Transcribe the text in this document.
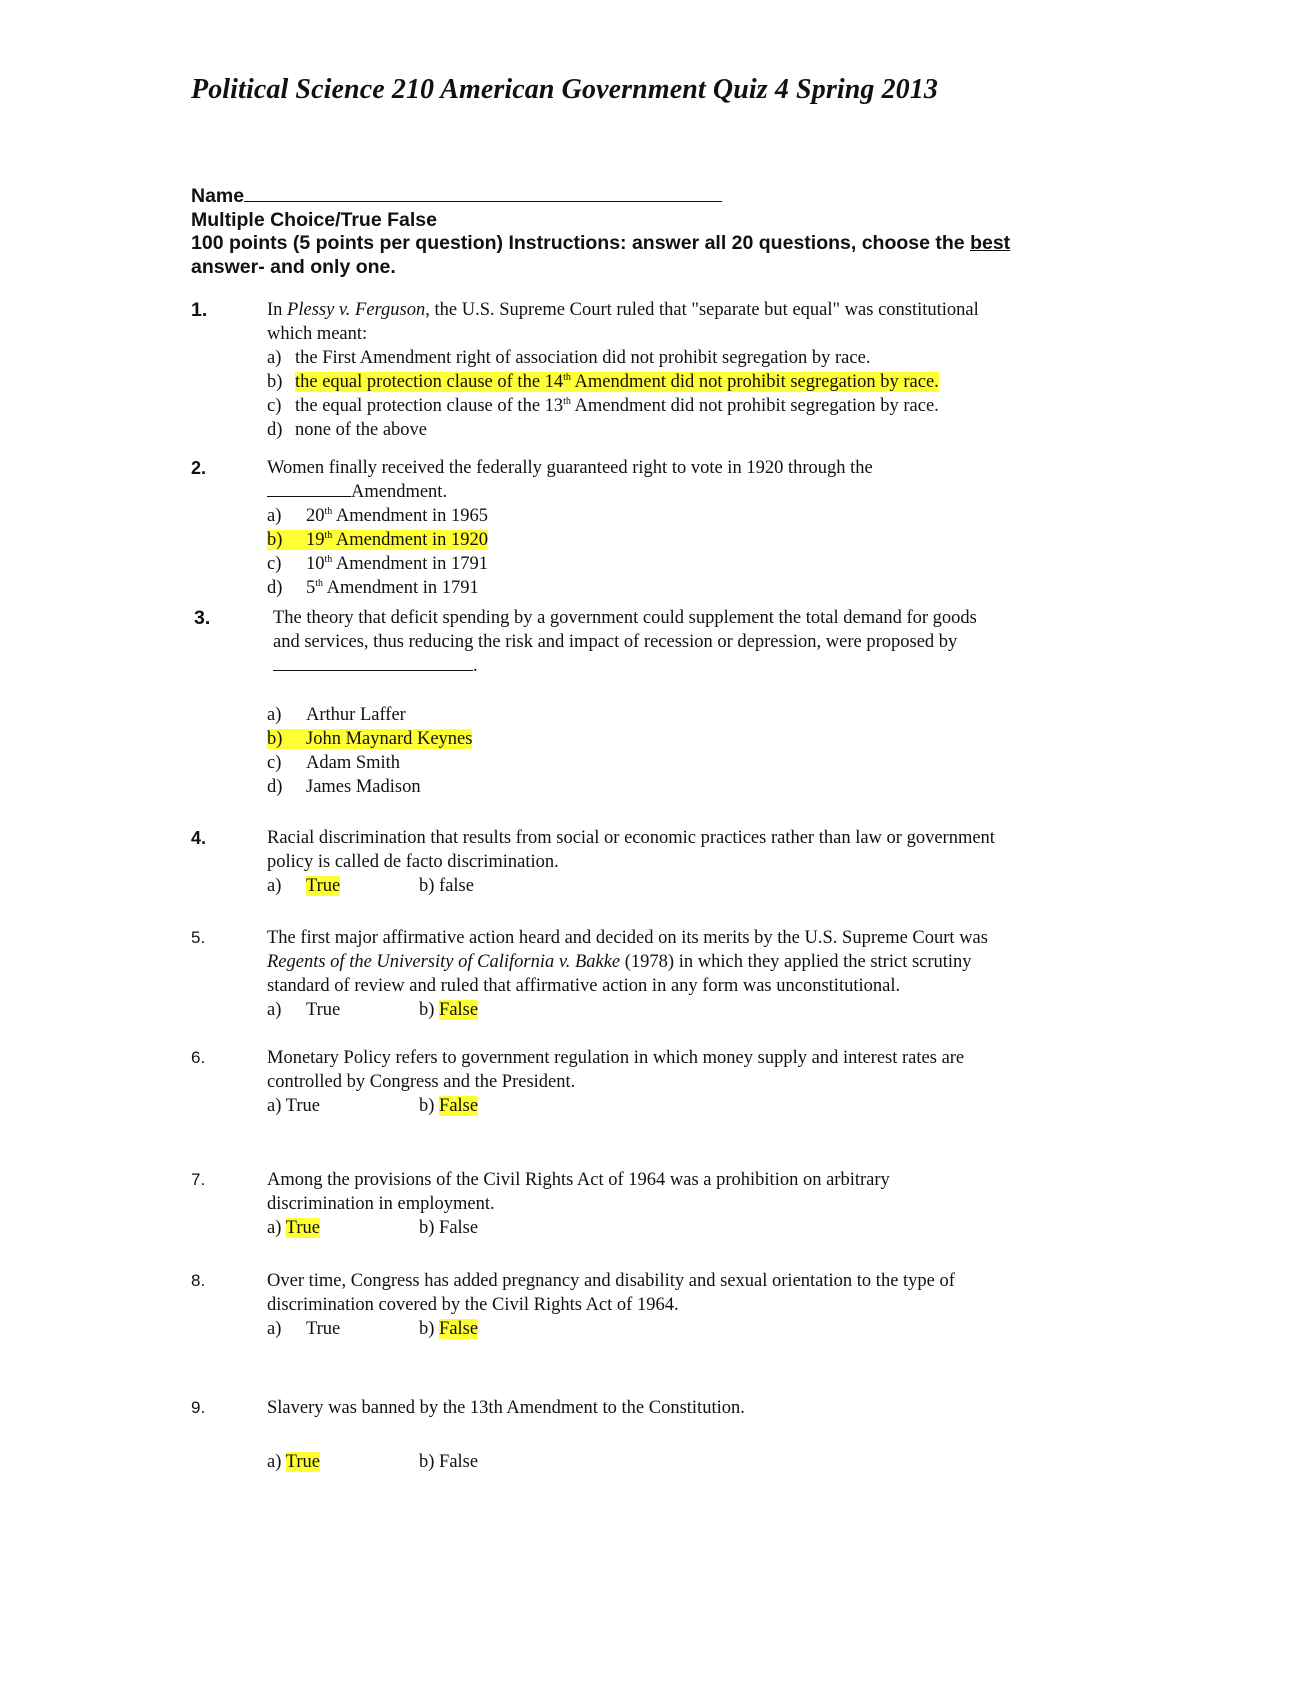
Political Science 210 American Government Quiz 4 Spring 2013
Name
Multiple Choice/True False
100 points (5 points per question) Instructions: answer all 20 questions, choose the best
answer- and only one.
1.	In Plessy v. Ferguson, the U.S. Supreme Court ruled that "separate but equal" was constitutional
which meant:
a) the First Amendment right of association did not prohibit segregation by race.
b) the equal protection clause of the 14th Amendment did not prohibit segregation by race.
c) the equal protection clause of the 13th Amendment did not prohibit segregation by race.
d) none of the above
2.	Women finally received the federally guaranteed right to vote in 1920 through the
Amendment.
a) 20th Amendment in 1965
b) 19th Amendment in 1920
c) 10th Amendment in 1791
d) 5th Amendment in 1791
3.	The theory that deficit spending by a government could supplement the total demand for goods
and services, thus reducing the risk and impact of recession or depression, were proposed by
.
a) Arthur Laffer
b) John Maynard Keynes
c) Adam Smith
d) James Madison
4.	Racial discrimination that results from social or economic practices rather than law or government
policy is called de facto discrimination.
a) True	b) false
5.	The first major affirmative action heard and decided on its merits by the U.S. Supreme Court was
Regents of the University of California v. Bakke (1978) in which they applied the strict scrutiny
standard of review and ruled that affirmative action in any form was unconstitutional.
a) True	b) False
6.	Monetary Policy refers to government regulation in which money supply and interest rates are
controlled by Congress and the President.
a) True	b) False
7.	Among the provisions of the Civil Rights Act of 1964 was a prohibition on arbitrary
discrimination in employment.
a) True	b) False
8.	Over time, Congress has added pregnancy and disability and sexual orientation to the type of
discrimination covered by the Civil Rights Act of 1964.
a) True	b) False
9.	Slavery was banned by the 13th Amendment to the Constitution.
a) True	b) False
